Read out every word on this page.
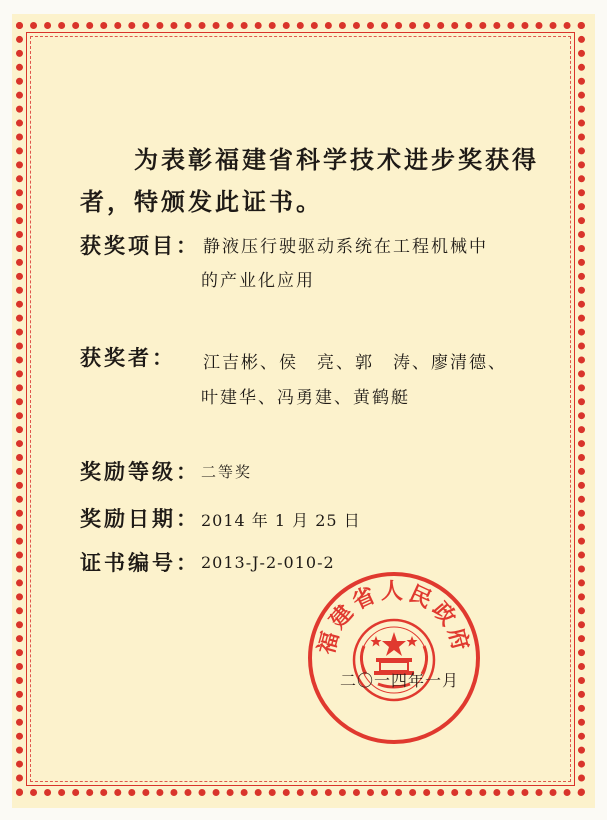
为表彰福建省科学技术进步奖获得
者，特颁发此证书。
获奖项目： 静液压行驶驱动系统在工程机械中
的产业化应用
获奖者： 江吉彬、侯　亮、郭　涛、廖清德、
叶建华、冯勇建、黄鹤艇
奖励等级： 二等奖
奖励日期： 2014 年 1 月 25 日
证书编号： 2013-J-2-010-2
福建省人民政府
二〇一四年一月
